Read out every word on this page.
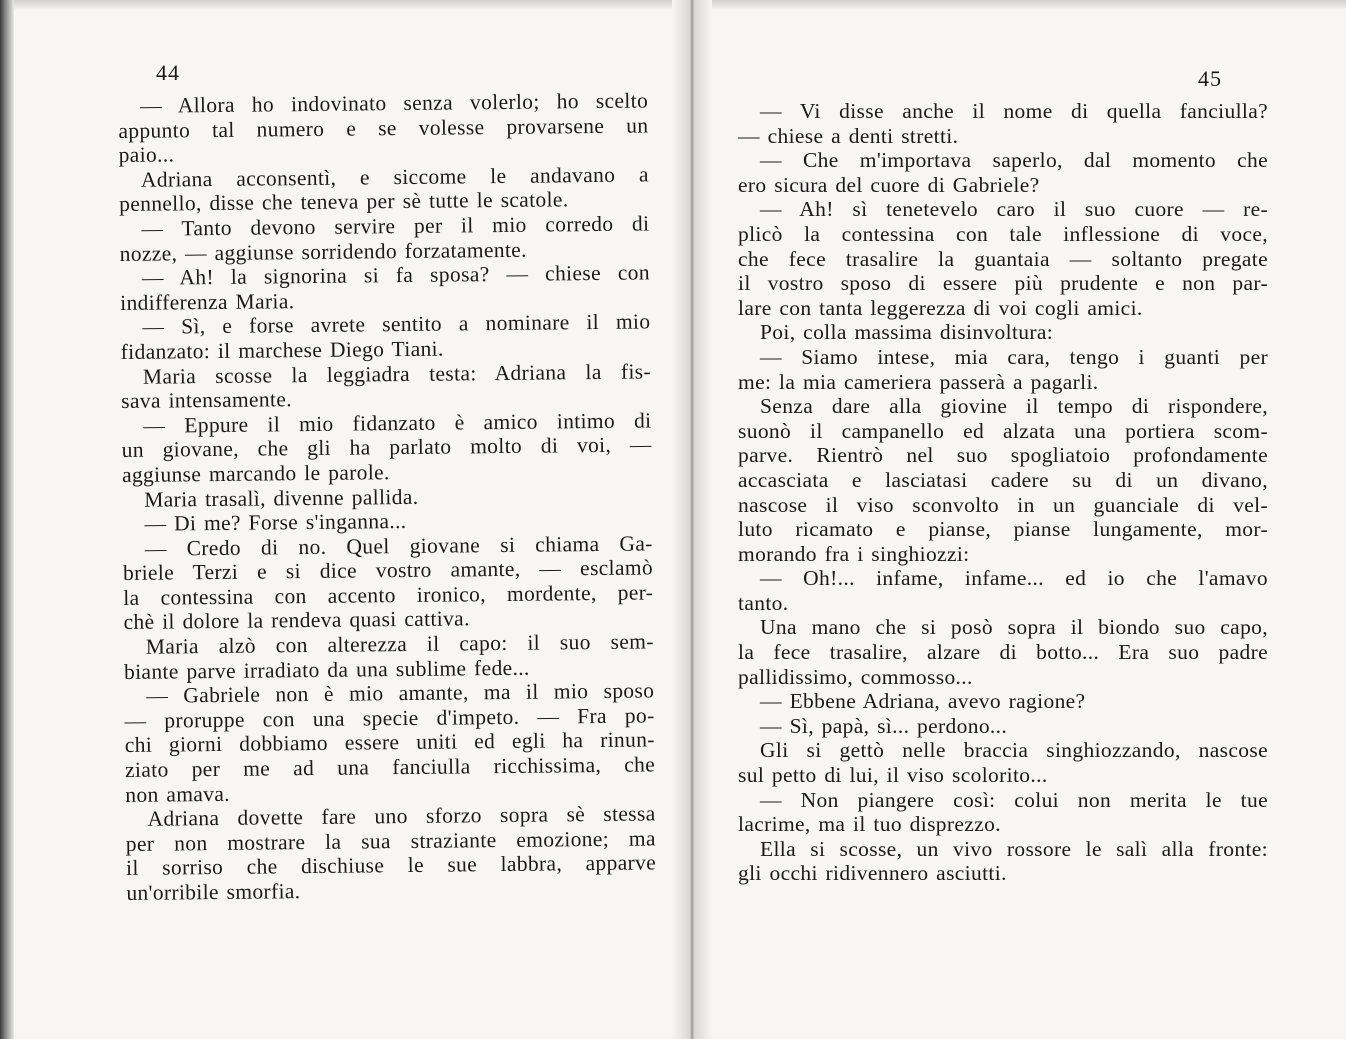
44
— Allora ho indovinato senza volerlo; ho scelto
appunto tal numero e se volesse provarsene un
paio...
Adriana acconsentì, e siccome le andavano a
pennello, disse che teneva per sè tutte le scatole.
— Tanto devono servire per il mio corredo di
nozze, — aggiunse sorridendo forzatamente.
— Ah! la signorina si fa sposa? — chiese con
indifferenza Maria.
— Sì, e forse avrete sentito a nominare il mio
fidanzato: il marchese Diego Tiani.
Maria scosse la leggiadra testa: Adriana la fis-
sava intensamente.
— Eppure il mio fidanzato è amico intimo di
un giovane, che gli ha parlato molto di voi, —
aggiunse marcando le parole.
Maria trasalì, divenne pallida.
— Di me? Forse s'inganna...
— Credo di no. Quel giovane si chiama Ga-
briele Terzi e si dice vostro amante, — esclamò
la contessina con accento ironico, mordente, per-
chè il dolore la rendeva quasi cattiva.
Maria alzò con alterezza il capo: il suo sem-
biante parve irradiato da una sublime fede...
— Gabriele non è mio amante, ma il mio sposo
— proruppe con una specie d'impeto. — Fra po-
chi giorni dobbiamo essere uniti ed egli ha rinun-
ziato per me ad una fanciulla ricchissima, che
non amava.
Adriana dovette fare uno sforzo sopra sè stessa
per non mostrare la sua straziante emozione; ma
il sorriso che dischiuse le sue labbra, apparve
un'orribile smorfia.
45
— Vi disse anche il nome di quella fanciulla?
— chiese a denti stretti.
— Che m'importava saperlo, dal momento che
ero sicura del cuore di Gabriele?
— Ah! sì tenetevelo caro il suo cuore — re-
plicò la contessina con tale inflessione di voce,
che fece trasalire la guantaia — soltanto pregate
il vostro sposo di essere più prudente e non par-
lare con tanta leggerezza di voi cogli amici.
Poi, colla massima disinvoltura:
— Siamo intese, mia cara, tengo i guanti per
me: la mia cameriera passerà a pagarli.
Senza dare alla giovine il tempo di rispondere,
suonò il campanello ed alzata una portiera scom-
parve. Rientrò nel suo spogliatoio profondamente
accasciata e lasciatasi cadere su di un divano,
nascose il viso sconvolto in un guanciale di vel-
luto ricamato e pianse, pianse lungamente, mor-
morando fra i singhiozzi:
— Oh!... infame, infame... ed io che l'amavo
tanto.
Una mano che si posò sopra il biondo suo capo,
la fece trasalire, alzare di botto... Era suo padre
pallidissimo, commosso...
— Ebbene Adriana, avevo ragione?
— Sì, papà, sì... perdono...
Gli si gettò nelle braccia singhiozzando, nascose
sul petto di lui, il viso scolorito...
— Non piangere così: colui non merita le tue
lacrime, ma il tuo disprezzo.
Ella si scosse, un vivo rossore le salì alla fronte:
gli occhi ridivennero asciutti.
